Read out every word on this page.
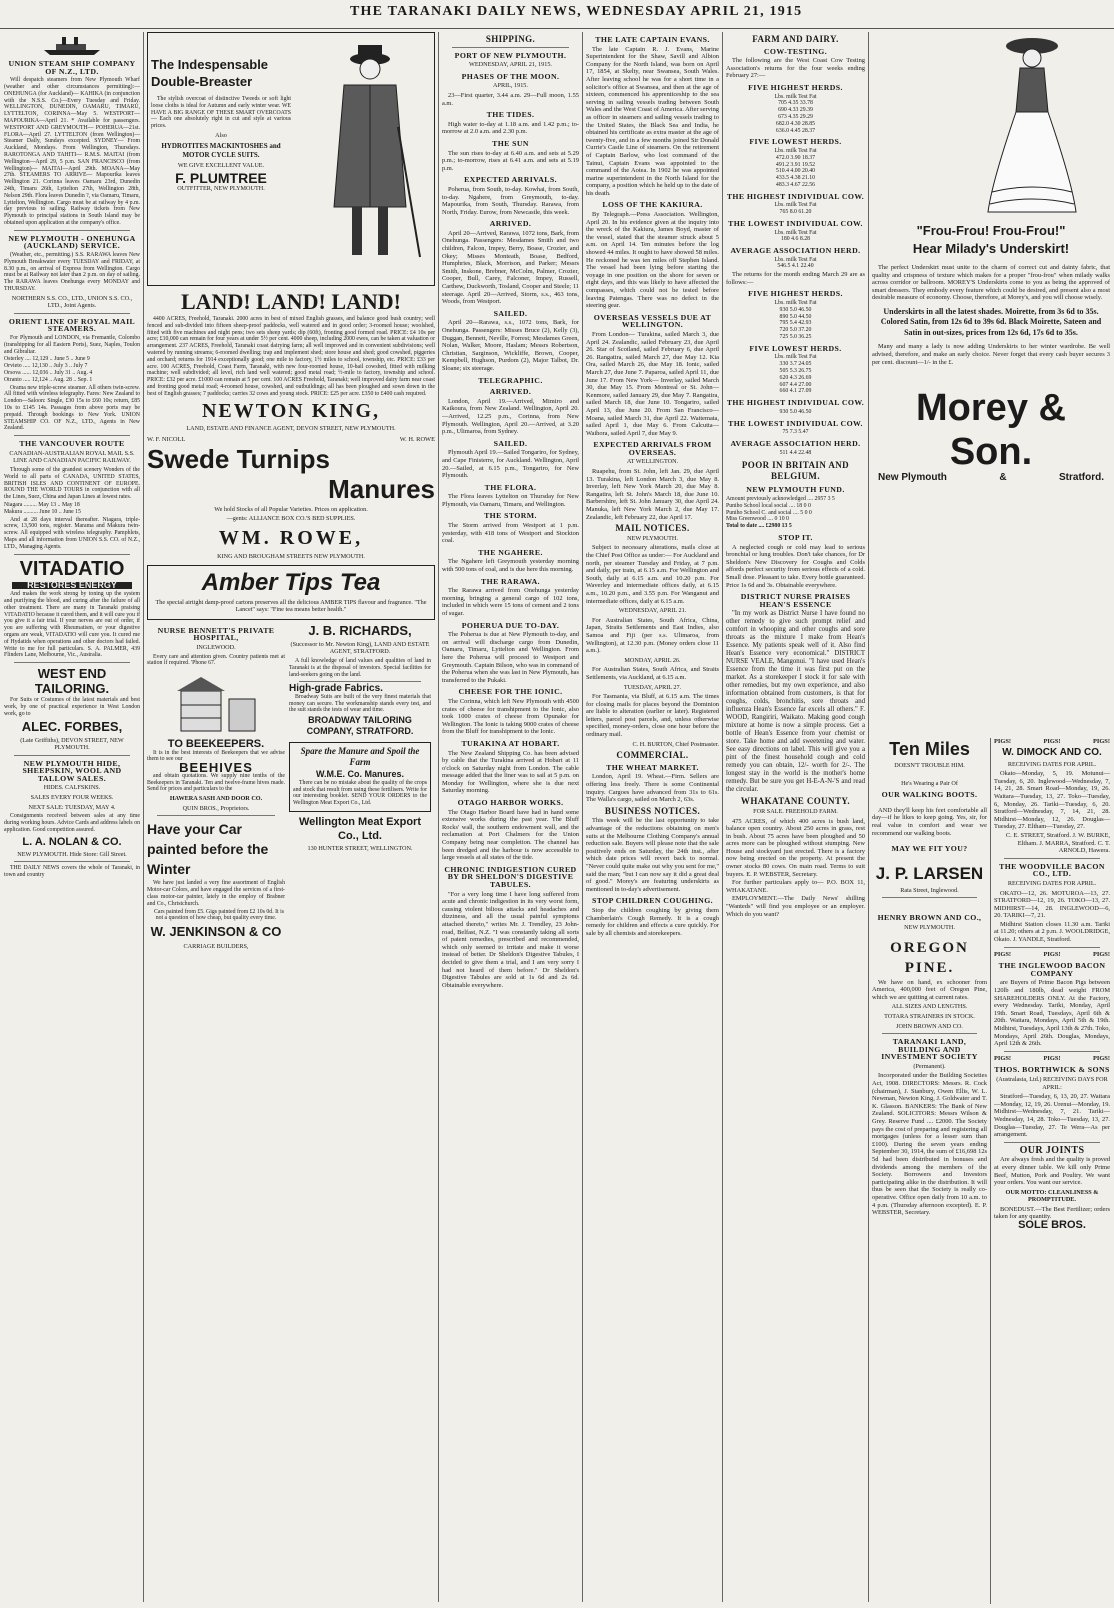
THE TARANAKI DAILY NEWS, WEDNESDAY APRIL 21, 1915
UNION STEAM SHIP COMPANY OF N.Z., LTD.

Will despatch steamers from New Plymouth Wharf (weather and other circumstances permitting):— ONEHUNGA (for Auckland)— KAHIKA (in conjunction with the N.S.S. Co.)—Every Tuesday and Friday. WELLINGTON, DUNEDIN, OAMARU, TIMARU, LYTTELTON, CORINNA—May 5. WESTPORT— MAPOURIKA—April 21. * Available for passengers. WESTPORT AND GREYMOUTH— POHERUA—21st. FLORA—April 27. LYTTELTON (from Wellington)— Steamer Daily, Sundays excepted. SYDNEY— From Auckland, Mondays. From Wellington, Thursdays. RAROTONGA AND TAHITI— R.M.S. MAITAI (from Wellington—April 29, 5 p.m. SAN FRANCISCO (from Wellington)— MAITAI—April 29th. MOANA—May 27th. STEAMERS TO ARRIVE— Mapourika leaves Wellington 21. Corinna leaves Oamaru 23rd, Dunedin 24th, Timaru 26th, Lyttelton 27th, Wellington 28th, Nelson 29th. Flora leaves Dunedin ?, via Oamaru, Timaru, Lyttelton, Wellington. Cargo must be at railway by 4 p.m. day previous to sailing. Railway tickets from New Plymouth to principal stations in South Island may be obtained upon application at the company's office.

NEW PLYMOUTH - ONEHUNGA (AUCKLAND) SERVICE.

(Weather, etc., permitting.) S.S. RARAWA leaves New Plymouth Breakwater every TUESDAY and FRIDAY, at 8.30 p.m., on arrival of Express from Wellington. Cargo must be at Railway not later than 2 p.m. on day of sailing. The RARAWA leaves Onehunga every MONDAY and THURSDAY.

NORTHERN S.S. CO., LTD., UNION S.S. CO., LTD., Joint Agents.
ORIENT LINE OF ROYAL MAIL STEAMERS.

For Plymouth and LONDON, via Fremantle, Colombo (transhipping for all Eastern Ports), Suez, Naples, Toulon and Gibraltar.

Osterley .... 12,129 .. June 5 .. June 9
Orvieto ..... 12,130 .. July 3 .. July 7
Orsova ...... 12,036 .. July 31 .. Aug. 4
Otranto ..... 12,124 .. Aug. 28 .. Sep. 1

Orama new triple-screw steamer. All others twin-screw. All fitted with wireless telegraphy. Fares: New Zealand to London—Saloon: Single, £30 15s to £60 10s; return, £85 10s to £145 14s. Passages from above ports may be prepaid. Through bookings to New York. UNION STEAMSHIP CO. OF N.Z., LTD., Agents in New Zealand.

THE VANCOUVER ROUTE
CANADIAN-AUSTRALIAN ROYAL MAIL S.S. LINE AND CANADIAN PACIFIC RAILWAY.

Through some of the grandest scenery Wonders of the World to all parts of CANADA, UNITED STATES, BRITISH ISLES AND CONTINENT OF EUROPE. ROUND THE WORLD TOURS in conjunction with all the Lines, Suez, China and Japan Lines at lowest rates.

Niagara ......... May 13 .. May 18
Makura .......... June 10 .. June 15

And at 28 days interval thereafter. Niagara, triple-screw, 13,500 tons, register. Marama and Makura twin-screw. All equipped with wireless telegraphy. Pamphlets, Maps and all information from UNION S.S. CO. of N.Z., LTD., Managing Agents.

VITADATIO
RESTORES ENERGY

And makes the work strong by toning up the system and purifying the blood, and curing after the failure of all other treatment. There are many in Taranaki praising VITADATIO because it cured them, and it will cure you if you give it a fair trial. If your nerves are out of order, if you are suffering with Rheumatism, or your digestive organs are weak, VITADATIO will cure you. It cured me of Hydatids when operations and other doctors had failed. Write to me for full particulars. S. A. PALMER, 439 Flinders Lane, Melbourne, Vic., Australia.

WEST END TAILORING.

For Suits or Costumes of the latest materials and best work, by one of practical experience in West London work, go to

ALEC. FORBES,
(Late Griffiths), DEVON STREET, NEW PLYMOUTH.
NEW PLYMOUTH HIDE, SHEEPSKIN, WOOL AND TALLOW SALES.
HIDES. CALFSKINS.
SALES EVERY FOUR WEEKS.
NEXT SALE: TUESDAY, MAY 4.

Consignments received between sales at any time during working hours. Advice Cards and address labels on application. Good competition assured.

L. A. NOLAN & CO.
NEW PLYMOUTH. Hide Store: Gill Street.

THE DAILY NEWS covers the whole of Taranaki, in town and country

The Indespensable Double-Breaster

The stylish overcoat of distinctive Tweeds or soft light loose cloths is ideal for Autumn and early winter wear. WE HAVE A BIG RANGE OF THESE SMART OVERCOATS— Each one absolutely right in cut and style at various prices.

Also
HYDROTITES MACKINTOSHES and MOTOR CYCLE SUITS.
WE GIVE EXCELLENT VALUE.
F. PLUMTREE
OUTFITTER, NEW PLYMOUTH.
LAND! LAND! LAND!

4400 ACRES, Freehold, Taranaki. 2000 acres in best of mixed English grasses, and balance good bush country; well fenced and sub-divided into fifteen sheep-proof paddocks, well watered and in good order; 3-roomed house; woolshed, fitted with five machines and night pens; two sets sheep yards; dip (60ft), fronting good formed road. PRICE: £4 10s per acre; £10,000 can remain for four years at under 5½ per cent. 4000 sheep, including 2000 ewes, can be taken at valuation or arrangement. 237 ACRES, Freehold, Taranaki coast dairying farm; all well improved and in convenient subdivisions; well watered by running streams; 6-roomed dwelling; trap and implement shed; store house and shed; good cowshed, piggeries and orchard; returns for 1914 exceptionally good; one mile to factory, 1½ miles to school, township, etc. PRICE: £33 per acre. 100 ACRES, Freehold, Coast Farm, Taranaki, with new four-roomed house, 10-bail cowshed, fitted with milking machine; well subdivided; all level, rich land well watered; good metal road; ½-mile to factory, township and school. PRICE: £32 per acre. £1000 can remain at 5 per cent. 100 ACRES Freehold, Taranaki; well improved dairy farm near coast and fronting good metal road; 4-roomed house, cowshed, and outbuildings; all has been ploughed and sown down in the best of English grasses; 7 paddocks; carries 32 cows and young stock. PRICE: £25 per acre. £350 to £400 cash required.

NEWTON KING,
LAND, ESTATE AND FINANCE AGENT, DEVON STREET, NEW PLYMOUTH.
W. F. NICOLL	W. H. ROWE
Swede Turnips
Manures
We hold Stocks of all Popular Varieties. Prices on application.
—gents: ALLIANCE BOX CO.'S BED SUPPLIES.
WM. ROWE,
KING AND BROUGHAM STREETS NEW PLYMOUTH.
Amber Tips Tea
The special airtight damp-proof cartons preserves all the delicious AMBER TIPS flavour and fragrance. "The Lancet" says: "Fine tea means better health."
NURSE BENNETT'S PRIVATE HOSPITAL,
INGLEWOOD.

Every care and attention given. Country patients met at station if required. 'Phone 67.

TO BEEKEEPERS.

It is in the best interests of Beekeepers that we advise them to see our

BEEHIVES

and obtain quotations. We supply nine tenths of the Beekeepers in Taranaki. Ten and twelve-frame hives made. Send for prices and particulars to the

HAWERA SASH AND DOOR CO.
QUIN BROS., Proprietors.
Have your Car painted before the Winter

We have just landed a very fine assortment of English Motor-car Colors, and have engaged the services of a first-class motor-car painter, lately in the employ of Brabner and Co., Christchurch.

Cars painted from £5. Gigs painted from £2 10s 0d. It is not a question of how cheap, but quality every time.

W. JENKINSON & CO
CARRIAGE BUILDERS,
J. B. RICHARDS,
(Successor to Mr. Newton King), LAND AND ESTATE AGENT, STRATFORD.

A full knowledge of land values and qualities of land in Taranaki is at the disposal of investors. Special facilities for land-seekers going on the land.

High-grade Fabrics.

Broadway Suits are built of the very finest materials that money can secure. The workmanship stands every test, and the suit stands the tests of wear and time.

BROADWAY TAILORING COMPANY, STRATFORD.
Spare the Manure and Spoil the Farm
W.M.E. Co. Manures.

There can be no mistake about the quality of the crops and stock that result from using these fertilisers. Write for our interesting booklet. SEND YOUR ORDERS to the Wellington Meat Export Co., Ltd.

Wellington Meat Export Co., Ltd.
130 HUNTER STREET, WELLINGTON.
SHIPPING.
PORT OF NEW PLYMOUTH.
WEDNESDAY, APRIL 21, 1915.
PHASES OF THE MOON.
APRIL, 1915.

23—First quarter, 3.44 a.m. 29—Full moon, 1.55 a.m.

THE TIDES.

High water to-day at 1.18 a.m. and 1.42 p.m.; to-morrow at 2.0 a.m. and 2.30 p.m.

THE SUN

The sun rises to-day at 6.40 a.m. and sets at 5.29 p.m.; to-morrow, rises at 6.41 a.m. and sets at 5.19 p.m.

EXPECTED ARRIVALS.

Poherua, from South, to-day. Kowhai, from South, to-day. Ngahere, from Greymouth, to-day. Mapourika, from South, Thursday. Rarawa, from North, Friday. Eurow, from Newcastle, this week.

ARRIVED.

April 20—Arrived, Rarawa, 1072 tons, Bark, from Onehunga. Passengers: Mesdames Smith and two children, Falcon, Impey, Berry, Boase, Crozier, and Okey; Misses Monteath, Boase, Bedford, Humphries, Black, Morrison, and Parker; Messrs Smith, Inskone, Brebner, McColm, Palmer, Crozier, Cooper, Bull, Carey, Falconer, Impey, Russell, Carthew, Duckworth, Tosland, Cooper and Steele; 11 steerage. April 20—Arrived, Storm, s.s., 463 tons, Woods, from Westport.

SAILED.

April 20—Rarawa, s.s., 1072 tons, Bark, for Onehunga. Passengers: Misses Bruce (2), Kelly (3), Duggan, Bennett, Neville, Forrest; Mesdames Green, Nolan, Walker, Moore, Haslam; Messrs Robertson, Christian, Sarginson, Wickliffe, Brown, Cooper, Kempbell, Hughson, Purdom (2), Major Talbot, Dr. Sloane; six steerage.

TELEGRAPHIC.
ARRIVED.

London, April 19.—Arrived, Mimiro and Kaikoura, from New Zealand. Wellington, April 20.—Arrived, 12.25 p.m., Corinna, from New Plymouth. Wellington, April 20.—Arrived, at 3.20 p.m., Ulimaroa, from Sydney.

SAILED.

Plymouth April 19.—Sailed Tongariro, for Sydney, and Cape Finisterre, for Auckland. Wellington, April 20.—Sailed, at 6.15 p.m., Tongariro, for New Plymouth.

THE FLORA.

The Flora leaves Lyttelton on Thursday for New Plymouth, via Oamaru, Timaru, and Wellington.

THE STORM.

The Storm arrived from Westport at 1 p.m. yesterday, with 418 tons of Westport and Stockton coal.

THE NGAHERE.

The Ngahere left Greymouth yesterday morning with 500 tons of coal, and is due here this morning.

THE RARAWA.

The Rarawa arrived from Onehunga yesterday morning, bringing a general cargo of 102 tons, included in which were 15 tons of cement and 2 tons of sugar.

POHERUA DUE TO-DAY.

The Poherua is due at New Plymouth to-day, and on arrival will discharge cargo from Dunedin, Oamaru, Timaru, Lyttelton and Wellington. From here the Poherua will proceed to Westport and Greymouth. Captain Bilson, who was in command of the Poherua when she was last in New Plymouth, has transferred to the Pukaki.

CHEESE FOR THE IONIC.

The Corinna, which left New Plymouth with 4500 crates of cheese for transhipment to the Ionic, also took 1000 crates of cheese from Opunake for Wellington. The Ionic is taking 9000 crates of cheese from the Bluff for transhipment to the Ionic.

TURAKINA AT HOBART.

The New Zealand Shipping Co. has been advised by cable that the Turakina arrived at Hobart at 11 o'clock on Saturday night from London. The cable message added that the liner was to sail at 5 p.m. on Monday for Wellington, where she is due next Saturday morning.

OTAGO HARBOR WORKS.

The Otago Harbor Board have had in hand some extensive works during the past year. The Bluff Rocks' wall, the southern endowment wall, and the reclamation at Port Chalmers for the Union Company being near completion. The channel has been dredged and the harbour is now accessible to large vessels at all states of the tide.

CHRONIC INDIGESTION CURED BY DR SHELDON'S DIGESTIVE TABULES.

"For a very long time I have long suffered from acute and chronic indigestion in its very worst form, causing violent bilious attacks and headaches and dizziness, and all the usual painful symptoms attached thereto," writes Mr. J. Trendley, 23 John-road, Belfast, N.Z. "I was constantly taking all sorts of patent remedies, prescribed and recommended, which only seemed to irritate and make it worse instead of better. Dr Sheldon's Digestive Tabules, I decided to give them a trial, and I am very sorry I had not heard of them before." Dr Sheldon's Digestive Tabules are sold at 1s 6d and 2s 6d. Obtainable everywhere.

THE LATE CAPTAIN EVANS.

The late Captain R. J. Evans, Marine Superintendent for the Shaw, Savill and Albion Company for the North Island, was born on April 17, 1854, at Skelty, near Swansea, South Wales. After leaving school he was for a short time in a solicitor's office at Swansea, and then at the age of sixteen, commenced his apprenticeship to the sea serving in sailing vessels trading between South Wales and the West Coast of America. After serving as officer in steamers and sailing vessels trading to the United States, the Black Sea and India, he obtained his certificate as extra master at the age of twenty-five, and in a few months joined Sir Donald Currie's Castle Line of steamers. On the retirement of Captain Barlow, who lost command of the Tainui, Captain Evans was appointed to the command of the Aotea. In 1902 he was appointed marine superintendent in the North Island for the company, a position which he held up to the date of his death.

LOSS OF THE KAKIURA.

By Telegraph.—Press Association. Wellington, April 20. In his evidence given at the inquiry into the wreck of the Kakiura, James Boyd, master of the vessel, stated that the steamer struck about 5 a.m. on April 14. Ten minutes before the log showed 44 miles. It ought to have showed 58 miles. He reckoned he was ten miles off Stephen Island. The vessel had been lying before starting the voyage in one position on the shore for seven or eight days, and this was likely to have affected the compasses, which could not be tested before leaving Patengas. There was no defect in the steering gear.

OVERSEAS VESSELS DUE AT WELLINGTON.

From London— Turakina, sailed March 3, due April 24. Zealandic, sailed February 23, due April 26. Star of Scotland, sailed February 6, due April 26. Rangatira, sailed March 27, due May 12. Kia Ora, sailed March 26, due May 18. Ionic, sailed March 27, due June 7. Paparoa, sailed April 11, due June 17. From New York— Inverlay, sailed March 30, due May 15. From Montreal or St. John— Kenmore, sailed January 29, due May 7. Rangatira, sailed March 18, due June 10. Tongariro, sailed April 13, due June 20. From San Francisco— Moana, sailed March 31, due April 22. Waitemata, sailed April 1, due May 6. From Calcutta— Waihora, sailed April 7, due May 9.

EXPECTED ARRIVALS FROM OVERSEAS.
AT WELLINGTON.

Ruapehu, from St. John, left Jan. 29, due April 13. Turakina, left London March 3, due May 8. Inverlay, left New York March 20, due May 8. Rangatira, left St. John's March 18, due June 10. Barbershire, left St. John January 30, due April 24. Manuka, left New York March 2, due May 17. Zealandic, left February 22, due April 17.

MAIL NOTICES.
NEW PLYMOUTH.

Subject to necessary alterations, mails close at the Chief Post Office as under:— For Auckland and north, per steamer Tuesday and Friday, at 7 p.m. and daily, per train, at 6.15 a.m. For Wellington and South, daily at 6.15 a.m. and 10.20 p.m. For Waverley and intermediate offices daily, at 6.15 a.m., 10.20 p.m., and 3.55 p.m. For Wanganui and intermediate offices, daily at 6.15 a.m.

WEDNESDAY, APRIL 21.

For Australian States, South Africa, China, Japan, Straits Settlements and East Indies, also Samoa and Fiji (per s.s. Ulimaroa, from Wellington), at 12.30 p.m. (Money orders close 11 a.m.).

MONDAY, APRIL 26.

For Australian States, South Africa, and Straits Settlements, via Auckland, at 6.15 a.m.

TUESDAY, APRIL 27.

For Tasmania, via Bluff, at 6.15 a.m. The times for closing mails for places beyond the Dominion are liable to alteration (earlier or later). Registered letters, parcel post parcels, and, unless otherwise specified, money-orders, close one hour before the ordinary mail.

C. H. BURTON, Chief Postmaster.
COMMERCIAL.
THE WHEAT MARKET.

London, April 19. Wheat.—Firm. Sellers are offering less freely. There is some Continental inquiry. Cargoes have advanced from 31s to 61s. The Walla's cargo, sailed on March 2, 63s.

BUSINESS NOTICES.

This week will be the last opportunity to take advantage of the reductions obtaining on men's suits at the Melbourne Clothing Company's annual reduction sale. Buyers will please note that the sale positively ends on Saturday, the 24th inst., after which date prices will revert back to normal. "Never could quite make out why you sent for me," said the man; "but I can now say it did a great deal of good." Morey's are featuring underskirts as mentioned in to-day's advertisement.

STOP CHILDREN COUGHING.

Stop the children coughing by giving them Chamberlain's Cough Remedy. It is a cough remedy for children and effects a cure quickly. For sale by all chemists and storekeepers.

FARM AND DAIRY.
COW-TESTING.

The following are the West Coast Cow Testing Association's returns for the four weeks ending February 27:—

FIVE HIGHEST HERDS.
Lbs. milk Test Fat
705 4.35 33.78
690 4.33 29.39
673 4.35 29.29
682.0 4.30 28.85
636.0 4.45 28.37
FIVE LOWEST HERDS.
Lbs. milk Test Fat
472.0 3.90 18.37
491.2 3.91 19.52
510.4 4.00 20.40
433.5 4.38 21.10
483.3 4.67 22.56
THE HIGHEST INDIVIDUAL COW.
Lbs. milk Test Fat
765 8.0 61.20
THE LOWEST INDIVIDUAL COW.
Lbs. milk Test Fat
180 4.6 8.28
AVERAGE ASSOCIATION HERD.
Lbs. milk Test Fat
546.5 4.1 22.40

The returns for the month ending March 29 are as follows:—

FIVE HIGHEST HERDS.
Lbs. milk Test Fat
930 5.0 46.50
890 5.0 44.50
795 5.4 42.93
720 5.0 37.20
725 5.0 36.25
FIVE LOWEST HERDS.
Lbs. milk Test Fat
330 3.7 24.05
505 5.3 26.75
620 4.3 26.69
607 4.4 27.00
660 4.1 27.09
THE HIGHEST INDIVIDUAL COW.
930 5.0 46.50
THE LOWEST INDIVIDUAL COW.
75 7.3 5.47
AVERAGE ASSOCIATION HERD.
511 4.4 22.48
POOR IN BRITAIN AND BELGIUM.
NEW PLYMOUTH FUND.
Amount previously acknowledged .... 2957 3 5
Puniho School local social .... 18 0 0
Puniho School C. and social .... 5 0 0
Miss Greenwood .... 0 10 0
Total to date .... £2980 13 5
STOP IT.

A neglected cough or cold may lead to serious bronchial or lung troubles. Don't take chances, for Dr Sheldon's New Discovery for Coughs and Colds affords perfect security from serious effects of a cold. Small dose. Pleasant to take. Every bottle guaranteed. Price 1s 6d and 3s. Obtainable everywhere.

DISTRICT NURSE PRAISES HEAN'S ESSENCE

"In my work as District Nurse I have found no other remedy to give such prompt relief and comfort in whooping and other coughs and sore throats as the mixture I make from Hean's Essence. My patients speak well of it. Also find Hean's Essence very economical." DISTRICT NURSE VEALE, Mangonui. "I have used Hean's Essence from the time it was first put on the market. As a storekeeper I stock it for sale with other remedies, but my own experience, and also information obtained from customers, is that for coughs, colds, bronchitis, sore throats and influenza Hean's Essence far excels all others." F. WOOD, Rangiriri, Waikato. Making good cough mixture at home is now a simple process. Get a bottle of Hean's Essence from your chemist or store. Take home and add sweetening and water. See easy directions on label. This will give you a pint of the finest household cough and cold remedy you can obtain, 12/- worth for 2/-. The longest stay in the world is the mother's home remedy. But be sure you get H-E-A-N-'S and read the circular.

WHAKATANE COUNTY.
FOR SALE. FREEHOLD FARM.

475 ACRES, of which 400 acres is bush land, balance open country. About 250 acres in grass, rest in bush. About 75 acres have been ploughed and 50 acres more can be ploughed without stumping. New House and stockyard just erected. There is a factory now being erected on the property. At present the owner stocks 80 cows. On main road. Terms to suit buyers. E. P. WEBSTER, Secretary.

For further particulars apply to— P.O. BOX 11, WHAKATANE.

EMPLOYMENT.—The Daily News' shilling "Wanteds" will find you employee or an employer. Which do you want?

"Frou-Frou! Frou-Frou!"
Hear Milady's Underskirt!

The perfect Underskirt must unite to the charm of correct cut and dainty fabric, that quality and crispness of texture which makes for a proper "frou-frou" when milady walks across corridor or ballroom. MOREY'S Underskirts come to you as being the approved of smart dressers. They embody every feature which could be desired, and present also a most desirable measure of economy. Choose, therefore, at Morey's, and you will choose wisely.

Underskirts in all the latest shades. Moirette, from 3s 6d to 35s. Colored Satin, from 12s 6d to 39s 6d. Black Moirette, Sateen and Satin in out-sizes, prices from 12s 6d, 17s 6d to 35s.

Many and many a lady is now adding Underskirts to her winter wardrobe. Be well advised, therefore, and make an early choice. Never forget that every cash buyer secures 3 per cent. discount—1/- in the £.

Morey & Son.
New Plymouth	&	Stratford.
Ten Miles
DOESN'T TROUBLE HIM.
He's Wearing a Pair Of
OUR WALKING BOOTS.

AND they'll keep his feet comfortable all day—if he likes to keep going. Yes, sir, for real value in comfort and wear we recommend our walking boots.

MAY WE FIT YOU?
J. P. LARSEN
Rata Street, Inglewood.
HENRY BROWN AND CO.,
NEW PLYMOUTH.
OREGON PINE.

We have on hand, ex schooner from America, 400,000 feet of Oregon Pine, which we are quitting at current rates.

ALL SIZES AND LENGTHS.
TOTARA STRAINERS IN STOCK.
JOHN BROWN AND CO.
TARANAKI LAND, BUILDING AND INVESTMENT SOCIETY
(Permanent).

Incorporated under the Building Societies Act, 1908. DIRECTORS: Messrs. R. Cock (chairman), J. Stanbury, Owen Ellis, W. L. Newman, Newton King, J. Goldwater and T. K. Glasson. BANKERS: The Bank of New Zealand. SOLICITORS: Messrs Wilson & Grey. Reserve Fund .... £2000. The Society pays the cost of preparing and registering all mortgages (unless for a lesser sum than £100). During the seven years ending September 30, 1914, the sum of £16,698 12s 5d had been distributed in bonuses and dividends among the members of the Society. Borrowers and Investors participating alike in the distribution. It will thus be seen that the Society is really co-operative. Office open daily from 10 a.m. to 4 p.m. (Thursday afternoon excepted). E. P. WEBSTER, Secretary.

PIGS!	PIGS!	PIGS!
W. DIMOCK AND CO.
RECEIVING DATES FOR APRIL.

Okato—Monday, 5, 19. Motunui—Tuesday, 6, 20. Inglewood—Wednesday, 7, 14, 21, 28. Smart Road—Monday, 19, 26. Waitara—Tuesday, 13, 27. Toko—Tuesday, 6, Monday, 26. Tariki—Tuesday, 6, 20. Stratford—Wednesday, 7, 14, 21, 28. Midhirst—Monday, 12, 26. Douglas—Tuesday, 27. Eltham—Tuesday, 27.

C. E. STREET, Stratford. J. W. BURKE, Eltham. J. MARRA, Stratford. C. T. ARNOLD, Hawera.

THE WOODVILLE BACON CO., LTD.
RECEIVING DATES FOR APRIL.

OKATO—12, 26. MOTUROA—13, 27. STRATFORD—12, 19, 26. TOKO—13, 27. MIDHIRST—14, 28. INGLEWOOD—6, 20. TARIKI—7, 21.

Midhirst Station closes 11.30 a.m. Tariki at 11.20; others at 2 p.m. J. WOOLDRIDGE, Okato. J. YANDLE, Stratford.

PIGS!	PIGS!	PIGS!
THE INGLEWOOD BACON COMPANY

are Buyers of Prime Bacon Pigs between 120lb and 180lb, dead weight FROM SHAREHOLDERS ONLY. At the Factory, every Wednesday. Tariki, Monday, April 19th. Smart Road, Tuesdays, April 6th & 20th. Waitara, Mondays, April 5th & 19th. Midhirst, Tuesdays, April 13th & 27th. Toko, Mondays, April 26th. Douglas, Mondays, April 12th & 26th.

PIGS!	PIGS!	PIGS!
THOS. BORTHWICK & SONS
(Australasia, Ltd.) RECEIVING DAYS FOR APRIL:

Stratford—Tuesday, 6, 13, 20, 27. Waitara—Monday, 12, 19, 26. Urenui—Monday, 19. Midhirst—Wednesday, 7, 21. Tariki—Wednesday, 14, 28. Toko—Tuesday, 13, 27. Douglas—Tuesday, 27. Te Wera—As per arrangement.

OUR JOINTS

Are always fresh and the quality is proved at every dinner table. We kill only Prime Beef, Mutton, Pork and Poultry. We want your orders. You want our service.

OUR MOTTO: CLEANLINESS & PROMPTITUDE.

BONEDUST.—The Best Fertilizer; orders taken for any quantity.

SOLE BROS.
